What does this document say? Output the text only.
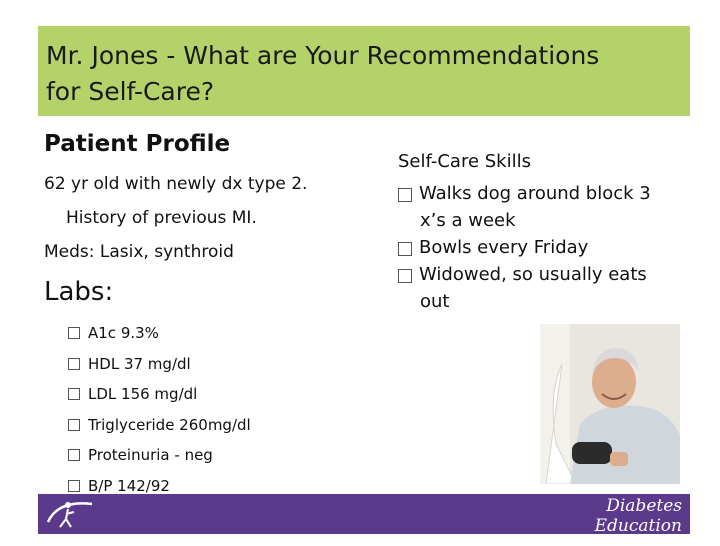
Mr. Jones - What are Your Recommendations
for Self-Care?
Patient Profile
62 yr old with newly dx type 2.
History of previous MI.
Meds: Lasix, synthroid
Labs:
A1c 9.3%
HDL 37 mg/dl
LDL 156 mg/dl
Triglyceride 260mg/dl
Proteinuria - neg
B/P 142/92
Self-Care Skills
Walks dog around block 3
x’s a week
Bowls every Friday
Widowed, so usually eats
out
Diabetes Education
SERVICES
